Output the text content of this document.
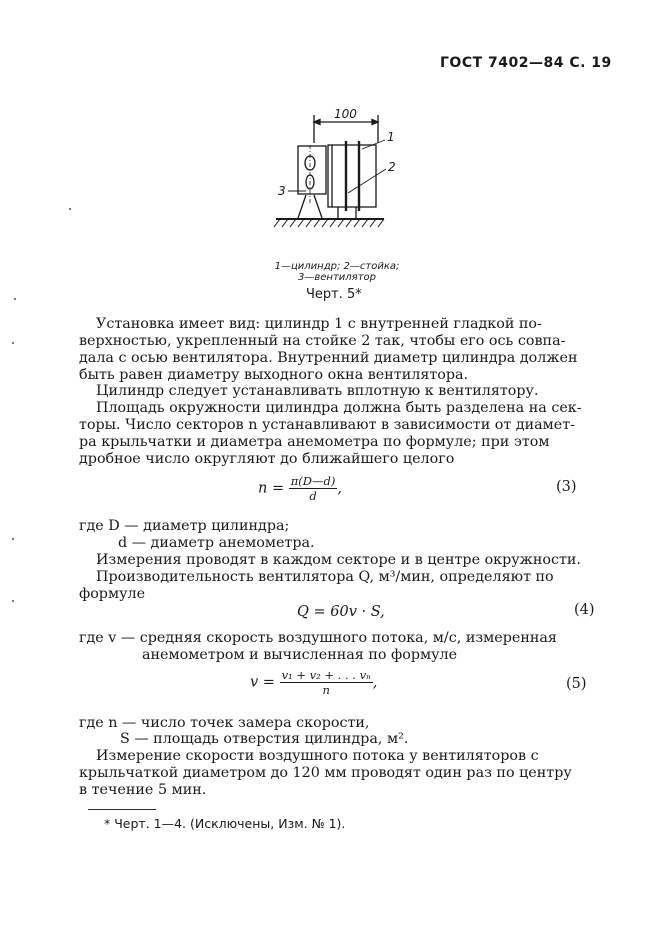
ГОСТ 7402—84 С. 19
100
1
2
3
1—цилиндр; 2—стойка;
3—вентилятор
Черт. 5*
Установка имеет вид: цилиндр 1 с внутренней гладкой по-
верхностью, укрепленный на стойке 2 так, чтобы его ось совпа-
дала с осью вентилятора. Внутренний диаметр цилиндра должен
быть равен диаметру выходного окна вентилятора.
Цилиндр следует устанавливать вплотную к вентилятору.
Площадь окружности цилиндра должна быть разделена на сек-
торы. Число секторов n устанавливают в зависимости от диамет-
ра крыльчатки и диаметра анемометра по формуле; при этом
дробное число округляют до ближайшего целого
$n = \frac{\pi(D—d)}{d}$ ,	(3)
где D — диаметр цилиндра;
d — диаметр анемометра.
Измерения проводят в каждом секторе и в центре окружности.
Производительность вентилятора Q, м³/мин, определяют по
формуле
Q = 60v · S,	(4)
где v — средняя скорость воздушного потока, м/с, измеренная
анемометром и вычисленная по формуле
$v = \frac{\text{v₁ + v₂ + . . . vₙ}}{n}$ ,	(5)
где n — число точек замера скорости,
S — площадь отверстия цилиндра, м².
Измерение скорости воздушного потока у вентиляторов с
крыльчаткой диаметром до 120 мм проводят один раз по центру
в течение 5 мин.
* Черт. 1—4. (Исключены, Изм. № 1).
